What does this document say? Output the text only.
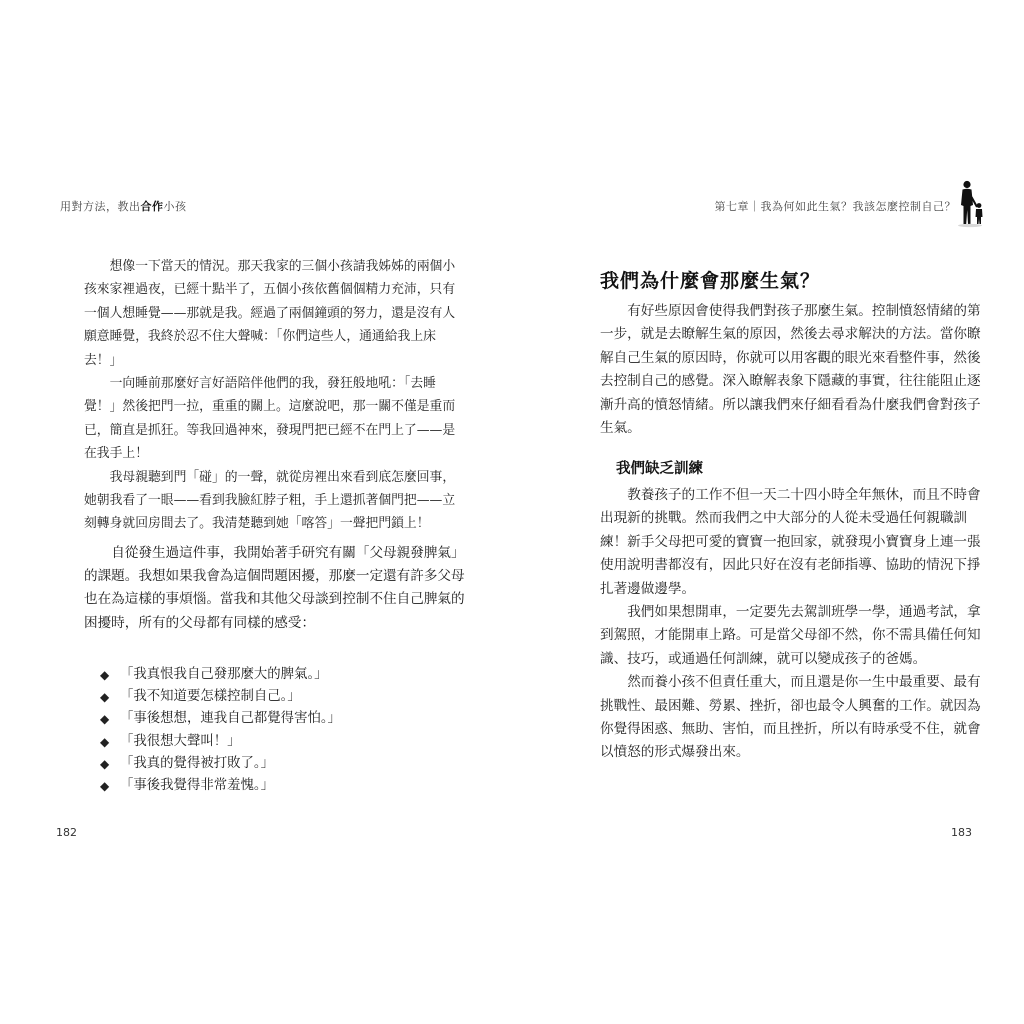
用對方法，教出合作小孩

想像一下當天的情況。那天我家的三個小孩請我姊姊的兩個小孩來家裡過夜，已經十點半了，五個小孩依舊個個精力充沛，只有一個人想睡覺——那就是我。經過了兩個鐘頭的努力，還是沒有人願意睡覺，我終於忍不住大聲喊：「你們這些人，通通給我上床去！」

一向睡前那麼好言好語陪伴他們的我，發狂般地吼：「去睡覺！」然後把門一拉，重重的關上。這麼說吧，那一關不僅是重而已，簡直是抓狂。等我回過神來，發現門把已經不在門上了——是在我手上！

我母親聽到門「碰」的一聲，就從房裡出來看到底怎麼回事，她朝我看了一眼——看到我臉紅脖子粗，手上還抓著個門把——立刻轉身就回房間去了。我清楚聽到她「喀答」一聲把門鎖上！

自從發生過這件事，我開始著手研究有關「父母親發脾氣」的課題。我想如果我會為這個問題困擾，那麼一定還有許多父母也在為這樣的事煩惱。當我和其他父母談到控制不住自己脾氣的困擾時，所有的父母都有同樣的感受：

◆ 「我真恨我自己發那麼大的脾氣。」
◆ 「我不知道要怎樣控制自己。」
◆ 「事後想想，連我自己都覺得害怕。」
◆ 「我很想大聲叫！」
◆ 「我真的覺得被打敗了。」
◆ 「事後我覺得非常羞愧。」
182
第七章｜我為何如此生氣？我該怎麼控制自己？
我們為什麼會那麼生氣？

有好些原因會使得我們對孩子那麼生氣。控制憤怒情緒的第一步，就是去瞭解生氣的原因，然後去尋求解決的方法。當你瞭解自己生氣的原因時，你就可以用客觀的眼光來看整件事，然後去控制自己的感覺。深入瞭解表象下隱藏的事實，往往能阻止逐漸升高的憤怒情緒。所以讓我們來仔細看看為什麼我們會對孩子生氣。

我們缺乏訓練

教養孩子的工作不但一天二十四小時全年無休，而且不時會出現新的挑戰。然而我們之中大部分的人從未受過任何親職訓練！新手父母把可愛的寶寶一抱回家，就發現小寶寶身上連一張使用說明書都沒有，因此只好在沒有老師指導、協助的情況下掙扎著邊做邊學。

我們如果想開車，一定要先去駕訓班學一學，通過考試，拿到駕照，才能開車上路。可是當父母卻不然，你不需具備任何知識、技巧，或通過任何訓練，就可以變成孩子的爸媽。

然而養小孩不但責任重大，而且還是你一生中最重要、最有挑戰性、最困難、勞累、挫折，卻也最令人興奮的工作。就因為你覺得困惑、無助、害怕，而且挫折，所以有時承受不住，就會以憤怒的形式爆發出來。

183
